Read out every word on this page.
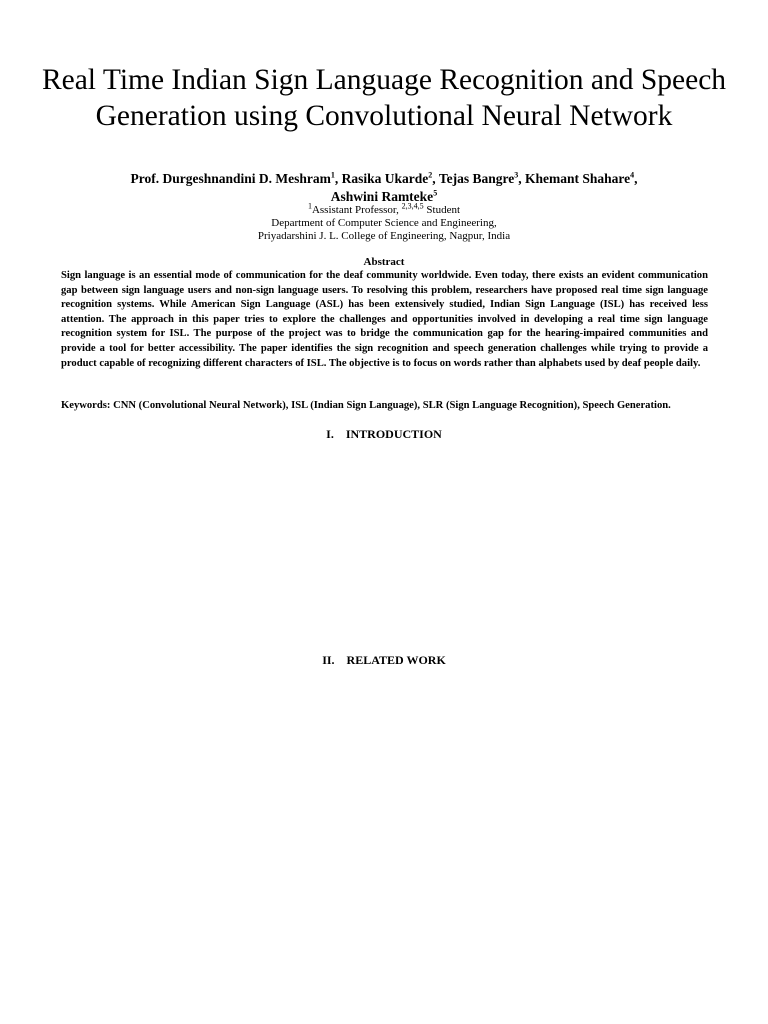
Real Time Indian Sign Language Recognition and Speech Generation using Convolutional Neural Network
Prof. Durgeshnandini D. Meshram$^1$, Rasika Ukarde$^2$, Tejas Bangre$^3$, Khemant Shahare$^4$,
Ashwini Ramteke$^5$
$^1$Assistant Professor, $^{2,3,4,5}$ Student
Department of Computer Science and Engineering,
Priyadarshini J. L. College of Engineering, Nagpur, India
Abstract
Sign language is an essential mode of communication for the deaf community worldwide. Even today, there exists an evident communication gap between sign language users and non-sign language users. To resolving this problem, researchers have proposed real time sign language recognition systems. While American Sign Language (ASL) has been extensively studied, Indian Sign Language (ISL) has received less attention. The approach in this paper tries to explore the challenges and opportunities involved in developing a real time sign language recognition system for ISL. The purpose of the project was to bridge the communication gap for the hearing-impaired communities and provide a tool for better accessibility. The paper identifies the sign recognition and speech generation challenges while trying to provide a product capable of recognizing different characters of ISL. The objective is to focus on words rather than alphabets used by deaf people daily.
Keywords: CNN (Convolutional Neural Network), ISL (Indian Sign Language), SLR (Sign Language Recognition), Speech Generation.
I. INTRODUCTION
II. RELATED WORK
